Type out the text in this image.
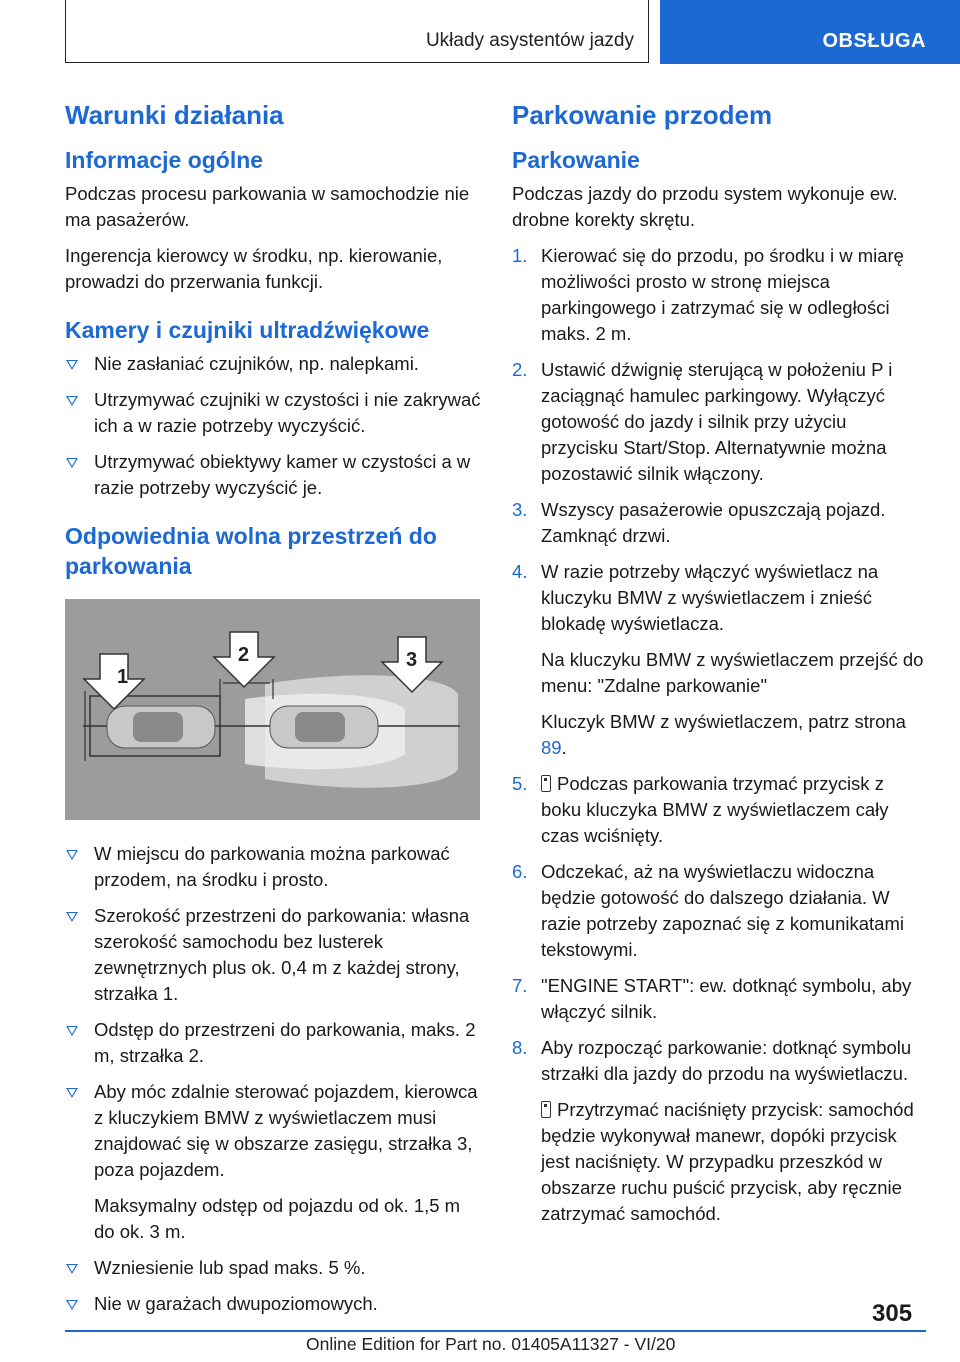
Układy asystentów jazdy	OBSŁUGA
Warunki działania
Informacje ogólne

Podczas procesu parkowania w samochodzie nie ma pasażerów.

Ingerencja kierowcy w środku, np. kierowanie, prowadzi do przerwania funkcji.

Kamery i czujniki ultradźwiękowe
Nie zasłaniać czujników, np. nalepkami.
Utrzymywać czujniki w czystości i nie zakrywać ich a w razie potrzeby wyczyścić.
Utrzymywać obiektywy kamer w czystości a w razie potrzeby wyczyścić je.
Odpowiednia wolna przestrzeń do parkowania
1
2	3
W miejscu do parkowania można parkować przodem, na środku i prosto.
Szerokość przestrzeni do parkowania: własna szerokość samochodu bez lusterek zewnętrznych plus ok. 0,4 m z każdej strony, strzałka 1.
Odstęp do przestrzeni do parkowania, maks. 2 m, strzałka 2.
Aby móc zdalnie sterować pojazdem, kierowca z kluczykiem BMW z wyświetlaczem musi znajdować się w obszarze zasięgu, strzałka 3, poza pojazdem.
Maksymalny odstęp od pojazdu od ok. 1,5 m do ok. 3 m.
Wzniesienie lub spad maks. 5 %.
Nie w garażach dwupoziomowych.
Parkowanie przodem
Parkowanie

Podczas jazdy do przodu system wykonuje ew. drobne korekty skrętu.

1. Kierować się do przodu, po środku i w miarę możliwości prosto w stronę miejsca parkingowego i zatrzymać się w odległości maks. 2 m.
2. Ustawić dźwignię sterującą w położeniu P i zaciągnąć hamulec parkingowy. Wyłączyć gotowość do jazdy i silnik przy użyciu przycisku Start/Stop. Alternatywnie można pozostawić silnik włączony.
3. Wszyscy pasażerowie opuszczają pojazd. Zamknąć drzwi.
4. W razie potrzeby włączyć wyświetlacz na kluczyku BMW z wyświetlaczem i znieść blokadę wyświetlacza.
Na kluczyku BMW z wyświetlaczem przejść do menu: "Zdalne parkowanie"
Kluczyk BMW z wyświetlaczem, patrz strona 89.
5. Podczas parkowania trzymać przycisk z boku kluczyka BMW z wyświetlaczem cały czas wciśnięty.
6. Odczekać, aż na wyświetlaczu widoczna będzie gotowość do dalszego działania. W razie potrzeby zapoznać się z komunikatami tekstowymi.
7. "ENGINE START": ew. dotknąć symbolu, aby włączyć silnik.
8. Aby rozpocząć parkowanie: dotknąć symbolu strzałki dla jazdy do przodu na wyświetlaczu.
Przytrzymać naciśnięty przycisk: samochód będzie wykonywał manewr, dopóki przycisk jest naciśnięty. W przypadku przeszkód w obszarze ruchu puścić przycisk, aby ręcznie zatrzymać samochód.
305
Online Edition for Part no. 01405A11327 - VI/20
